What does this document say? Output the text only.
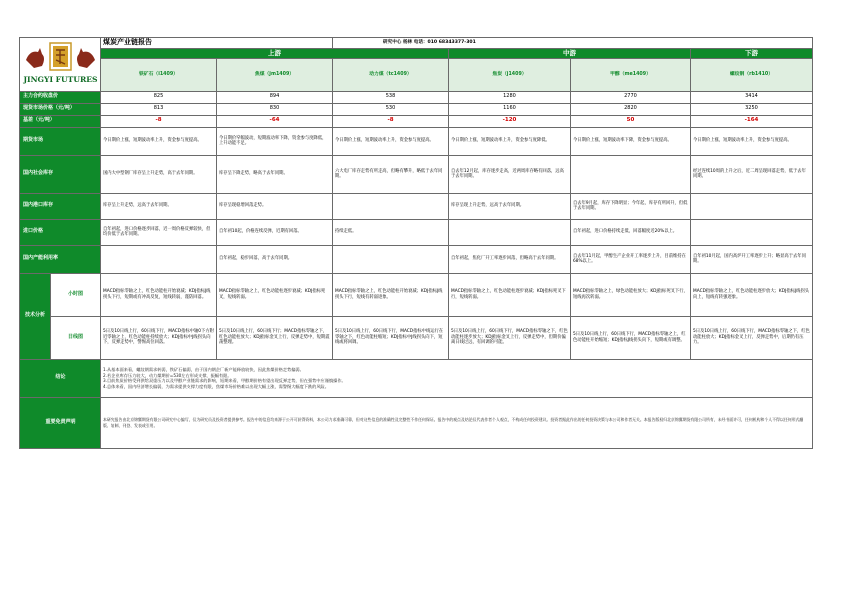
JINGYI FUTURES		煤炭产业链报告		研究中心 杨林 电话：010 68343377-301			
		上游			中游		下游
		铁矿石（i1409）	焦煤（jm1409）	动力煤（tc1409）	焦炭（j1409）	甲醇（me1409）	螺纹钢（rb1410）
主力合约收盘价		825	894	538	1280	2770	3414
现货市场价格（元/吨）		813	830	530	1160	2820	3250
基差（元/吨）		-8	-64	-8	-120	50	-164
期货市场		今日期价上涨，短期波动率上升，资金参与度提高。	今日期价窄幅波动，短期波动率下降，资金参与度降低，上升动能不足。	今日期价上涨，短期波动率上升，资金参与度提高。	今日期价上涨，短期波动率上升，资金参与度降低。	今日期价上涨，短期波动率下降，资金参与度提高。	今日期价上涨，短期波动率上升，资金参与度提高。
国内社会库存		国内大中型钢厂库存呈上升走势，高于去年同期。	库存呈下降走势，略高于去年同期。	六大电厂库存走势有所走高，但略有攀升，略低于去年同期。	自去年12月起，库存逐步走高，近两周库存略有回落，远高于去年同期。		经过连续10周的上升之后，近二周呈现回落走势，低于去年同期。
国内港口库存		库存呈上升走势，远高于去年同期。	库存呈现稳增回落走势。		库存呈现上升走势，远高于去年同期。	自去年9月起，库存下降明显；今年起，库存有所回升，但低于去年同期。	
进口价格		自年初起，进口价格逐步回落，近一周价格反弹较快，但均价低于去年同期。	自年初10起，价格连续反弹，近期有回落。	持续走低。		自年初起，进口价格持续走低，回落幅度近20%以上。	
国内产能利用率			自年初起，稳步回落，高于去年同期。		自年初起，焦化厂开工率逐步回落，但略高于去年同期。	自去年11月起，甲醇生产企业开工率逐步上升，目前维持在68%以上。	自年初10月起，国内高炉开工率逐步上升；略显高于去年同期。
技术分析	小时图	MACD指标零轴之上，红色动能柱开始衰减；KDJ指标J线拐头下行，短期或有冲高反复，短线转弱，谨防回落。	MACD指标零轴之上，红色动能柱逐步衰减；KDJ指标死叉，短线转弱。	MACD指标零轴之上，红色动能柱开始衰减；KDJ指标J线拐头下行，短线有转弱迹象。	MACD指标零轴之上，红色动能柱逐步衰减；KDJ指标死叉下行，短线转弱。	MACD指标零轴之上，绿色动能柱放大；KDJ指标死叉下行，短线再次转弱。	MACD指标零轴之上，红色动能柱逐步放大；KDJ指标J线拐头向上，短线有转强迹象。
	日线图	5日及10日线上行，60日线下行，MACD指标中轴0下方附近零轴之上，红色动能柱持续放大；KDJ指标中J线拐头向下，反弹走势中，警惕高位回落。	5日及10日线上行，60日线下行；MACD指标零轴之下，红色动能柱放大；KDJ指标金叉上行，反弹走势中，短期震荡整理。	5日及10日线上行，60日线下行，MACD指标中线运行在零轴之下，红色动能柱缩短；KDJ指标中J线拐头向下，短线或将回调。	5日及10日线上行，60日线下行，MACD指标零轴之下，红色动能柱逐步放大；KDJ指标金叉上行，反弹走势中，但期价偏离日线过远，有回调的可能。	5日及10日线上行，60日线下行，MACD指标零轴之上，红色动能柱开始缩短；KDJ指标J线拐头向下，短期或有调整。	5日及10日线上行，60日线下行，MACD指标零轴之下，红色动能柱放大；KDJ指标金叉上行，反弹走势中，后期仍有压力。
结论		1.从基本面来看，螺纹钢需求转弱，铁矿石偏弱，由于国内钢企厂新产能释放较快，因此焦煤价格走势偏弱。
2.若企业库存压力较大，动力煤期价=530左右形成支撑，振幅有限。
3.目前焦炭价格受到供给双重压力以及甲醇产业链需求的影响，短期来看，甲醇期价格有望出现反弹走势，但在强势中应谨慎操作。
4.总体来看，国内经济增长偏弱，为需求提供支撑力度有限，焦煤市场价格难以出现大幅上涨，需警惕大幅度下跌的风险。					

重要免责声明		本研究报告由北京锦翼期货有限公司研究中心编写，仅为研究员及投资者提供参考。报告中的信息均来源于公开可获得资料，本公司力求准确可靠，但对这些信息的准确性及完整性不作任何保证。报告中的观点及结论仅代表作者个人观点，不构成任何投资建议。投资者据此作出的任何投资决策与本公司和作者无关。本报告版权归北京锦翼期货有限公司所有，未经书面许可，任何机构和个人不得以任何形式翻版、复制、刊登、发表或引用。					
